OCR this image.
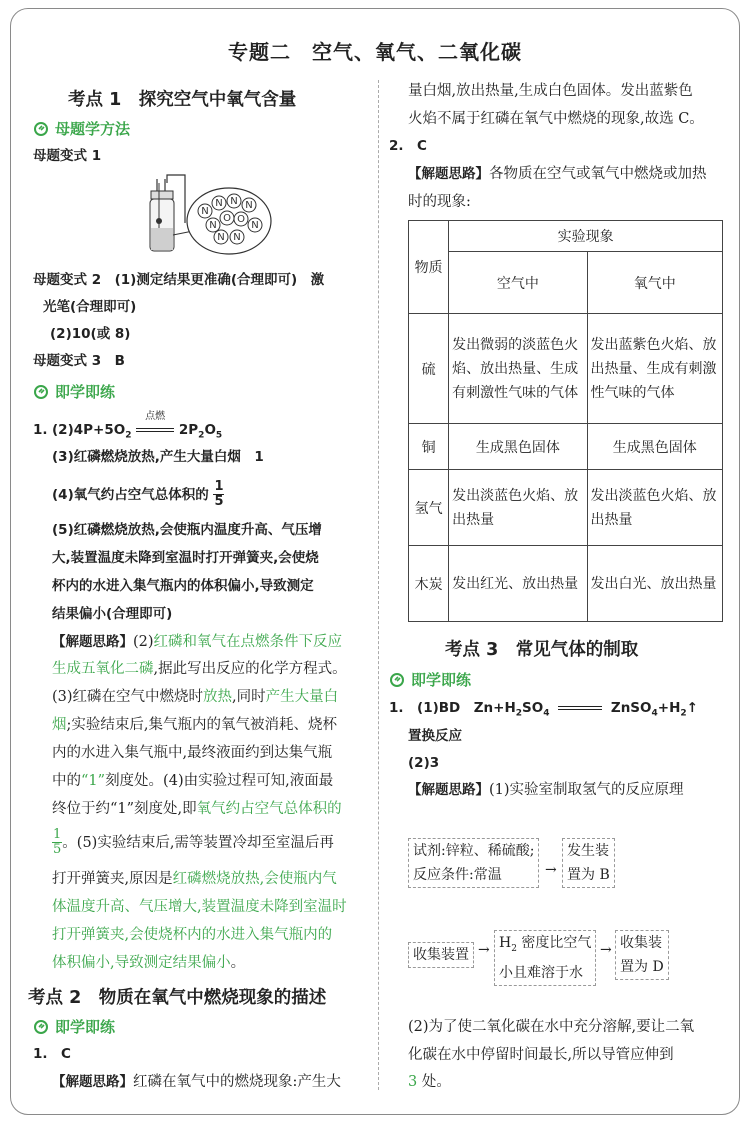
专题二　空气、氧气、二氧化碳
考点 1　探究空气中氧气含量
母题学方法
母题变式 1
N
N N N
N
O O
N
N N
母题变式 2　(1)测定结果更准确(合理即可)　激
光笔(合理即可)
(2)10(或 8)
母题变式 3　B
即学即练
1. $(2)4P+5O_2$
点燃
$2P_2O_5$
(3)红磷燃烧放热,产生大量白烟　1
(4)氧气约占空气总体积的 $\frac{1}{5}$
(5)红磷燃烧放热,会使瓶内温度升高、气压增
大,装置温度未降到室温时打开弹簧夹,会使烧
杯内的水进入集气瓶内的体积偏小,导致测定
结果偏小(合理即可)
【解题思路】(2)红磷和氧气在点燃条件下反应
生成五氧化二磷,据此写出反应的化学方程式。
(3)红磷在空气中燃烧时放热,同时产生大量白
烟;实验结束后,集气瓶内的氧气被消耗、烧杯
内的水进入集气瓶中,最终液面约到达集气瓶
中的“1”刻度处。(4)由实验过程可知,液面最
终位于约“1”刻度处,即氧气约占空气总体积的
$\frac{1}{5}$ 。(5)实验结束后,需等装置冷却至室温后再
打开弹簧夹,原因是红磷燃烧放热,会使瓶内气
体温度升高、气压增大,装置温度未降到室温时
打开弹簧夹,会使烧杯内的水进入集气瓶内的
体积偏小,导致测定结果偏小。
考点 2　物质在氧气中燃烧现象的描述
即学即练
1.　C
【解题思路】红磷在氧气中的燃烧现象:产生大
量白烟,放出热量,生成白色固体。发出蓝紫色
火焰不属于红磷在氧气中燃烧的现象,故选 C。
2.　C
【解题思路】各物质在空气或氧气中燃烧或加热
时的现象:
物质	实验现象	
	空气中	氧气中
硫	发出微弱的淡蓝色火焰、放出热量、生成有刺激性气味的气体	发出蓝紫色火焰、放出热量、生成有刺激性气味的气体
铜	生成黑色固体	生成黑色固体
氢气	发出淡蓝色火焰、放出热量	发出淡蓝色火焰、放出热量
木炭	发出红光、放出热量	发出白光、放出热量
考点 3　常见气体的制取
即学即练
1.　(1)BD　$Zn+H_2SO_4$	$ZnSO_4+H_2↑$
置换反应
(2)3
【解题思路】(1)实验室制取氢气的反应原理
试剂:锌粒、稀硫酸;
反应条件:常温	→
发生装
置为 B
收集装置 → $H_2$ 密度比空气
小且难溶于水
→ 收集装
置为 D
(2)为了使二氧化碳在水中充分溶解,要让二氧
化碳在水中停留时间最长,所以导管应伸到
3 处。
